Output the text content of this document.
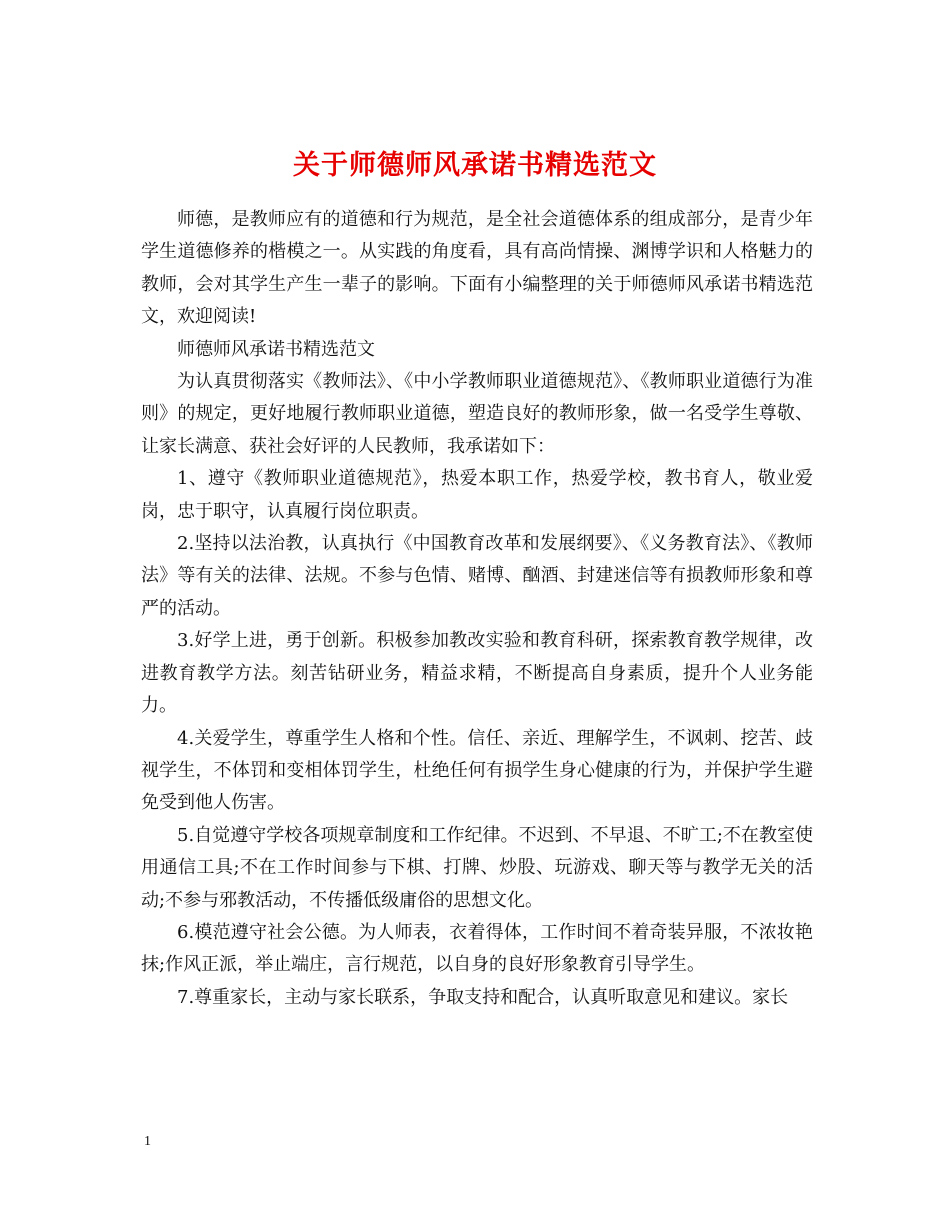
关于师德师风承诺书精选范文

师德，是教师应有的道德和行为规范，是全社会道德体系的组成部分，是青少年学生道德修养的楷模之一。从实践的角度看，具有高尚情操、渊博学识和人格魅力的教师，会对其学生产生一辈子的影响。下面有小编整理的关于师德师风承诺书精选范文，欢迎阅读!

师德师风承诺书精选范文

为认真贯彻落实《教师法》、《中小学教师职业道德规范》、《教师职业道德行为准则》的规定，更好地履行教师职业道德，塑造良好的教师形象，做一名受学生尊敬、让家长满意、获社会好评的人民教师，我承诺如下：

1、遵守《教师职业道德规范》，热爱本职工作，热爱学校，教书育人，敬业爱岗，忠于职守，认真履行岗位职责。

2.坚持以法治教，认真执行《中国教育改革和发展纲要》、《义务教育法》、《教师法》等有关的法律、法规。不参与色情、赌博、酗酒、封建迷信等有损教师形象和尊严的活动。

3.好学上进，勇于创新。积极参加教改实验和教育科研，探索教育教学规律，改进教育教学方法。刻苦钻研业务，精益求精，不断提高自身素质，提升个人业务能力。

4.关爱学生，尊重学生人格和个性。信任、亲近、理解学生，不讽刺、挖苦、歧视学生，不体罚和变相体罚学生，杜绝任何有损学生身心健康的行为，并保护学生避免受到他人伤害。

5.自觉遵守学校各项规章制度和工作纪律。不迟到、不早退、不旷工;不在教室使用通信工具;不在工作时间参与下棋、打牌、炒股、玩游戏、聊天等与教学无关的活动;不参与邪教活动，不传播低级庸俗的思想文化。

6.模范遵守社会公德。为人师表，衣着得体，工作时间不着奇装异服，不浓妆艳抹;作风正派，举止端庄，言行规范，以自身的良好形象教育引导学生。

7.尊重家长，主动与家长联系，争取支持和配合，认真听取意见和建议。家长

1
